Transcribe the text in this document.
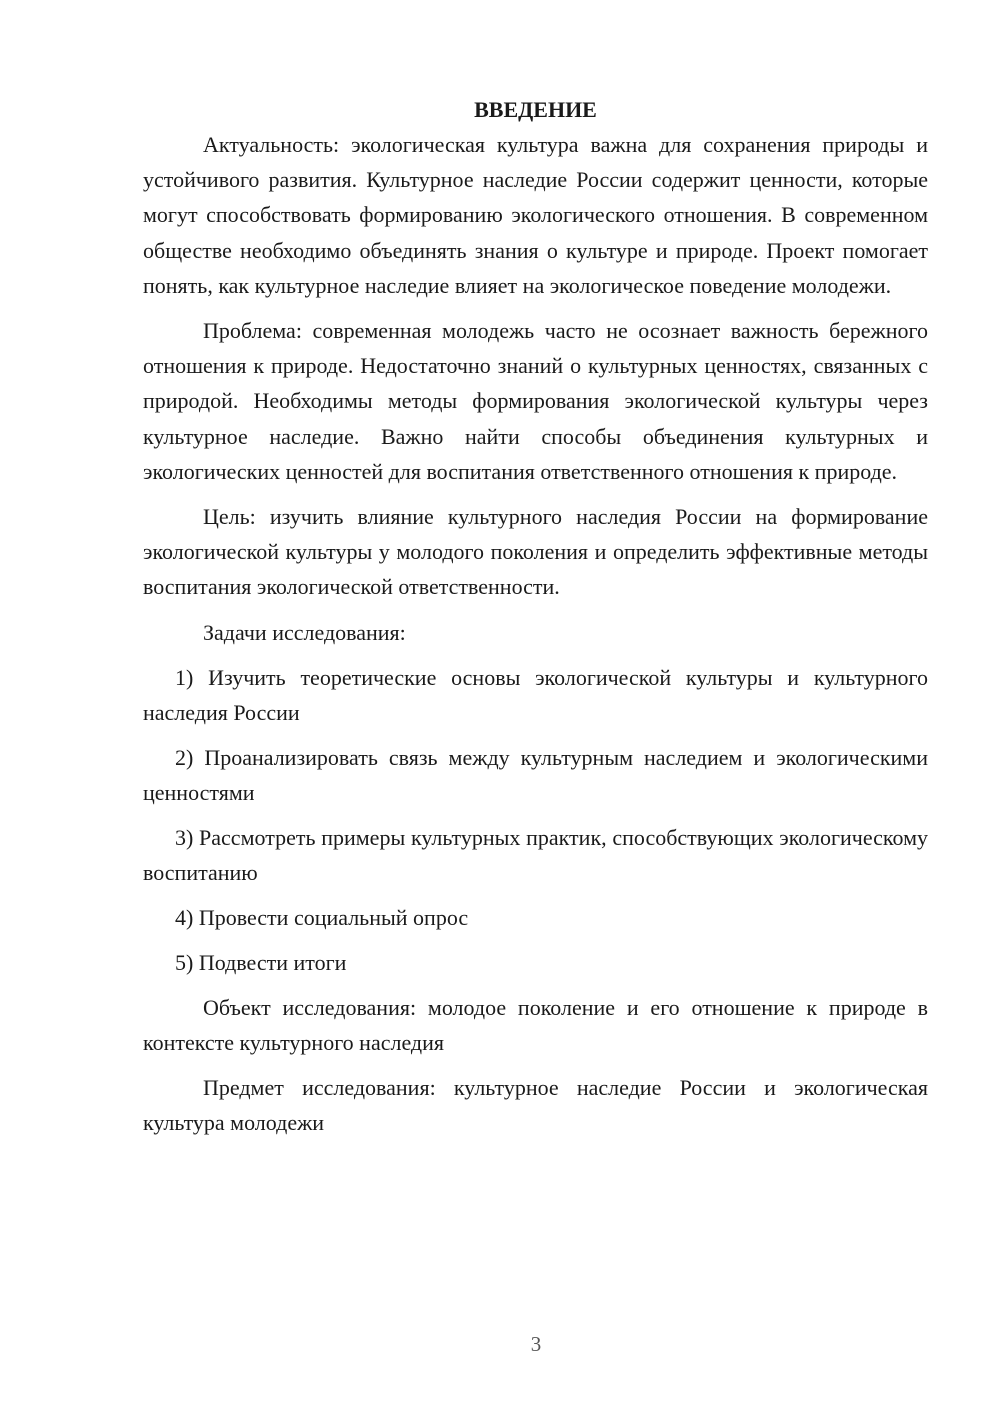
ВВЕДЕНИЕ

Актуальность: экологическая культура важна для сохранения природы и устойчивого развития. Культурное наследие России содержит ценности, которые могут способствовать формированию экологического отношения. В современном обществе необходимо объединять знания о культуре и природе. Проект помогает понять, как культурное наследие влияет на экологическое поведение молодежи.

Проблема: современная молодежь часто не осознает важность бережного отношения к природе. Недостаточно знаний о культурных ценностях, связанных с природой. Необходимы методы формирования экологической культуры через культурное наследие. Важно найти способы объединения культурных и экологических ценностей для воспитания ответственного отношения к природе.

Цель: изучить влияние культурного наследия России на формирование экологической культуры у молодого поколения и определить эффективные методы воспитания экологической ответственности.

Задачи исследования:

1) Изучить теоретические основы экологической культуры и культурного наследия России

2) Проанализировать связь между культурным наследием и экологическими ценностями

3) Рассмотреть примеры культурных практик, способствующих экологическому воспитанию

4) Провести социальный опрос

5) Подвести итоги

Объект исследования: молодое поколение и его отношение к природе в контексте культурного наследия

Предмет исследования: культурное наследие России и экологическая культура молодежи

3
